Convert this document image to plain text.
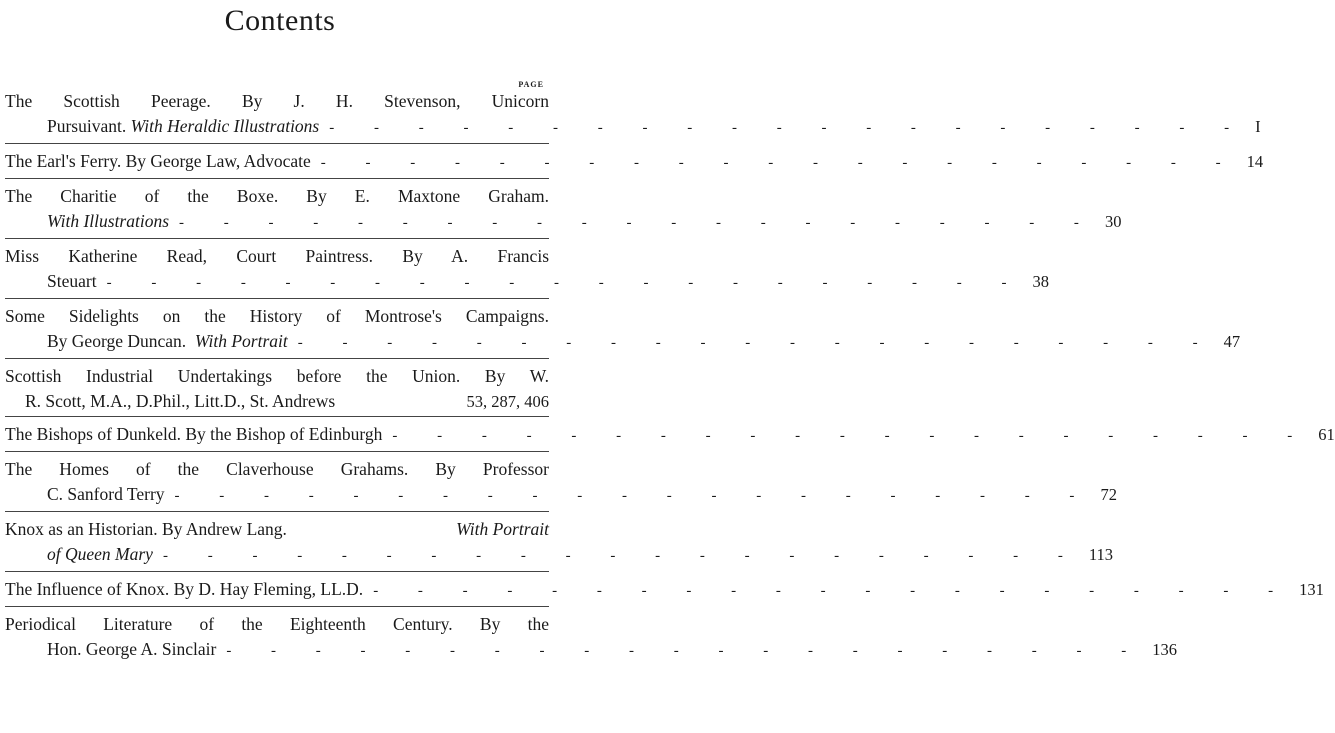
Contents
PAGE
The Scottish Peerage. By J. H. Stevenson, Unicorn
Pursuivant.
With Heraldic Illustrations - - - - - - - - - - - - - - - - - - - - - I
The Earl's Ferry. By George Law, Advocate - - - - - - - - - - - - - - - - - - - - - 14
The Charitie of the Boxe. By E. Maxtone Graham.
With Illustrations - - - - - - - - - - - - - - - - - - - - - 30
Miss Katherine Read, Court Paintress. By A. Francis
Steuart - - - - - - - - - - - - - - - - - - - - - 38
Some Sidelights on the History of Montrose's Campaigns.
By George Duncan.
With Portrait - - - - - - - - - - - - - - - - - - - - - 47
Scottish Industrial Undertakings before the Union. By W.
R. Scott, M.A., D.Phil., Litt.D., St. Andrews	53, 287, 406
The Bishops of Dunkeld. By the Bishop of Edinburgh - - - - - - - - - - - - - - - - - - - - - 61
The Homes of the Claverhouse Grahams. By Professor
C. Sanford Terry - - - - - - - - - - - - - - - - - - - - - 72
Knox as an Historian. By Andrew Lang.	With Portrait
of Queen Mary - - - - - - - - - - - - - - - - - - - - - 113
The Influence of Knox. By D. Hay Fleming, LL.D. - - - - - - - - - - - - - - - - - - - - - 131
Periodical Literature of the Eighteenth Century. By the
Hon. George A. Sinclair - - - - - - - - - - - - - - - - - - - - - 136
